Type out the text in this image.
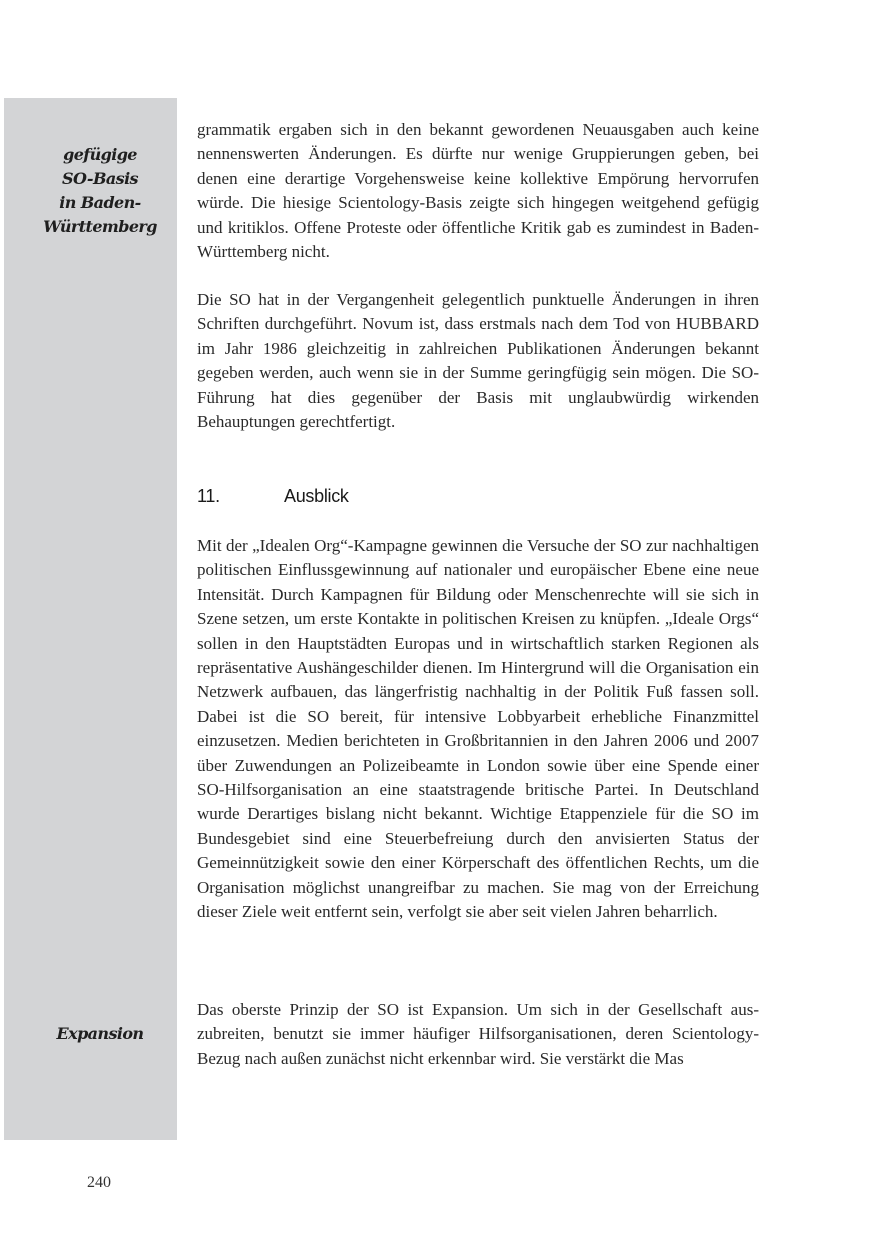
gefügige
SO-Basis
in Baden-
Württemberg
Expansion

grammatik ergaben sich in den bekannt gewordenen Neuausgaben auch keine nennenswerten Änderungen. Es dürfte nur wenige Gruppierungen geben, bei denen eine derartige Vorgehensweise keine kollektive Empörung hervorrufen würde. Die hiesige Scientology-Basis zeigte sich hingegen weitgehend gefügig und kritiklos. Offene Proteste oder öffentliche Kritik gab es zumindest in Baden-Württemberg nicht.

Die SO hat in der Vergangenheit gelegentlich punktuelle Änderungen in ihren Schriften durchgeführt. Novum ist, dass erstmals nach dem Tod von HUBBARD im Jahr 1986 gleichzeitig in zahlreichen Publikationen Änderungen bekannt gegeben werden, auch wenn sie in der Summe geringfügig sein mögen. Die SO-Führung hat dies gegenüber der Basis mit unglaubwürdig wirkenden Behauptungen gerechtfertigt.

11.	Ausblick

Mit der „Idealen Org“-Kampagne gewinnen die Versuche der SO zur nachhaltigen politischen Einflussgewinnung auf nationaler und europäischer Ebene eine neue Intensität. Durch Kampagnen für Bildung oder Menschenrechte will sie sich in Szene setzen, um erste Kontakte in politischen Kreisen zu knüpfen. „Ideale Orgs“ sollen in den Hauptstädten Europas und in wirtschaftlich starken Regionen als repräsentative Aushängeschilder dienen. Im Hintergrund will die Organisation ein Netzwerk aufbauen, das längerfristig nachhaltig in der Politik Fuß fassen soll. Dabei ist die SO bereit, für intensive Lobbyarbeit erhebliche Finanzmittel einzusetzen. Medien berichteten in Großbritannien in den Jahren 2006 und 2007 über Zuwendungen an Polizeibeamte in London sowie über eine Spende einer SO-Hilfsorganisation an eine staatstragende britische Partei. In Deutschland wurde Derartiges bislang nicht bekannt. Wichtige Etappenziele für die SO im Bundesgebiet sind eine Steuerbefreiung durch den anvisierten Status der Gemeinnützigkeit sowie den einer Körperschaft des öffentlichen Rechts, um die Organisation möglichst unangreifbar zu machen. Sie mag von der Erreichung dieser Ziele weit entfernt sein, verfolgt sie aber seit vielen Jahren beharrlich.

Das oberste Prinzip der SO ist Expansion. Um sich in der Gesellschaft auszubreiten, benutzt sie immer häufiger Hilfsorganisationen, deren Scientology-Bezug nach außen zunächst nicht erkennbar wird. Sie verstärkt die Mas

240
